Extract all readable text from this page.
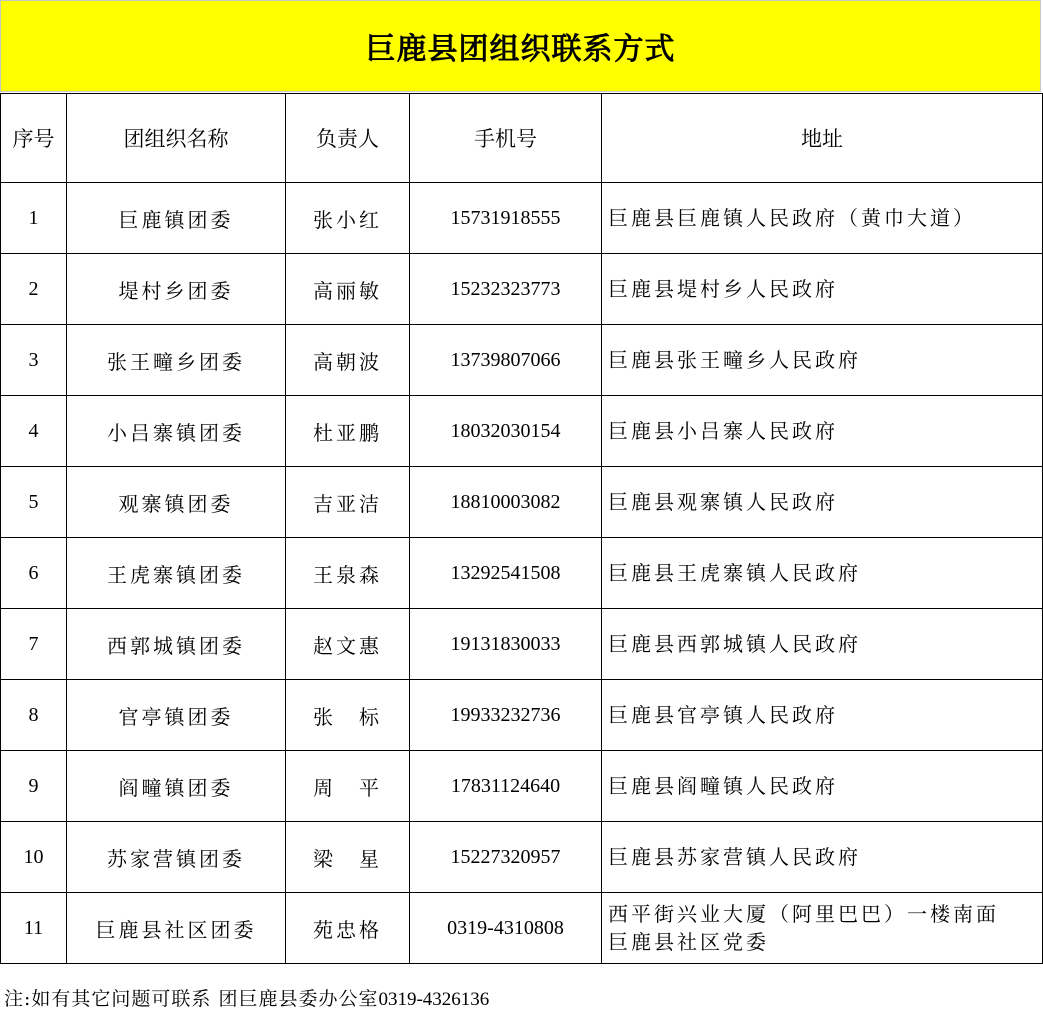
巨鹿县团组织联系方式
序号	团组织名称	负责人	手机号	地址
1	巨鹿镇团委	张小红	15731918555	巨鹿县巨鹿镇人民政府（黄巾大道）
2	堤村乡团委	高丽敏	15232323773	巨鹿县堤村乡人民政府
3	张王疃乡团委	高朝波	13739807066	巨鹿县张王疃乡人民政府
4	小吕寨镇团委	杜亚鹏	18032030154	巨鹿县小吕寨人民政府
5	观寨镇团委	吉亚洁	18810003082	巨鹿县观寨镇人民政府
6	王虎寨镇团委	王泉森	13292541508	巨鹿县王虎寨镇人民政府
7	西郭城镇团委	赵文惠	19131830033	巨鹿县西郭城镇人民政府
8	官亭镇团委	张　标	19933232736	巨鹿县官亭镇人民政府
9	阎疃镇团委	周　平	17831124640	巨鹿县阎疃镇人民政府
10	苏家营镇团委	梁　星	15227320957	巨鹿县苏家营镇人民政府
11	巨鹿县社区团委	苑忠格	0319-4310808	西平街兴业大厦（阿里巴巴）一楼南面
巨鹿县社区党委
注:如有其它问题可联系 团巨鹿县委办公室0319-4326136
